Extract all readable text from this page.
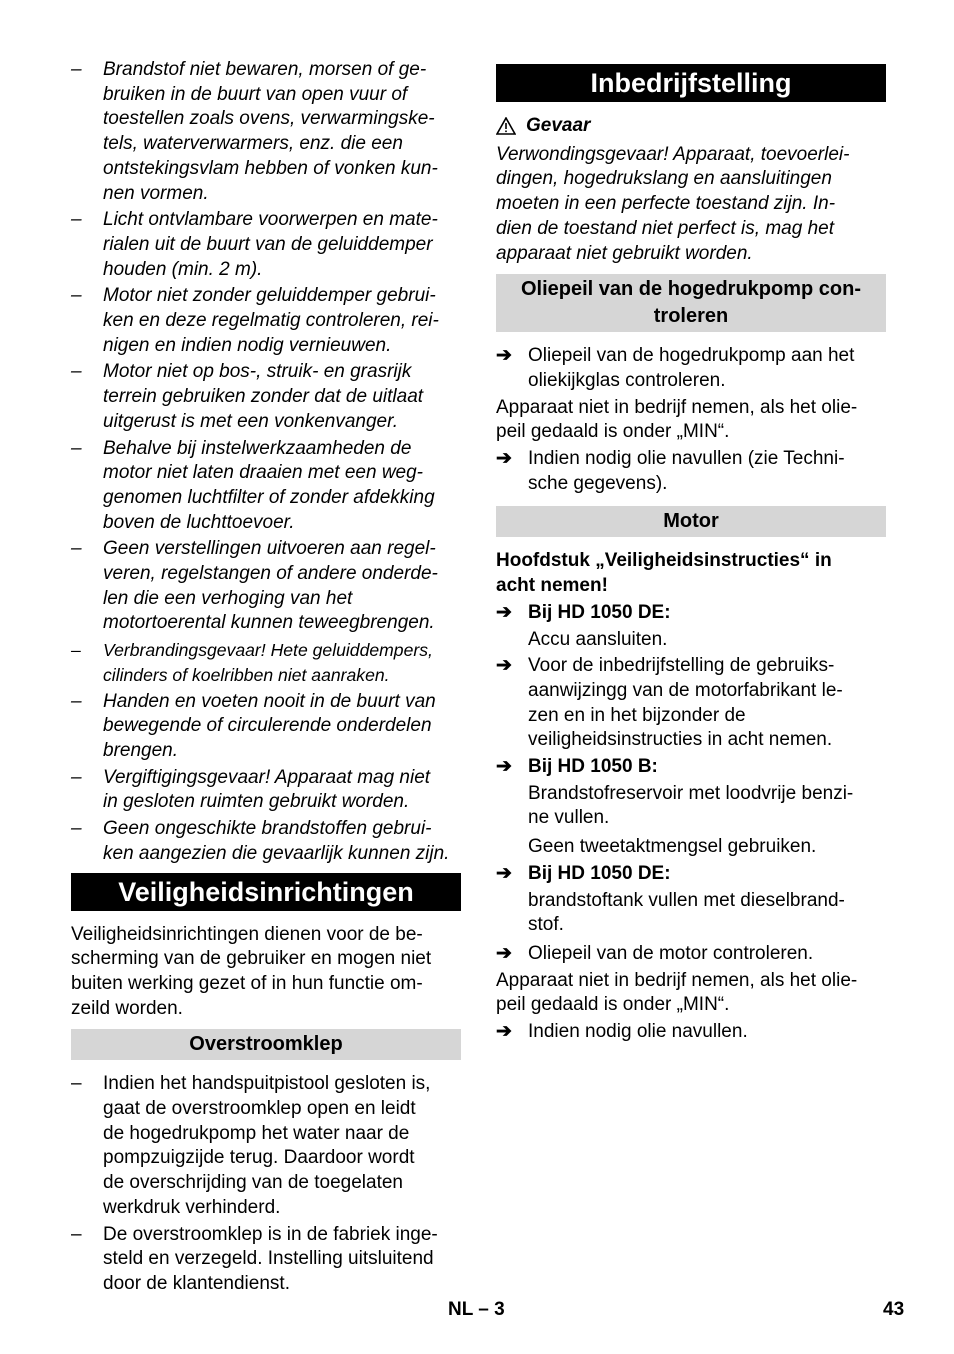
– Brandstof niet bewaren, morsen of ge-
bruiken in de buurt van open vuur of
toestellen zoals ovens, verwarmingske-
tels, waterverwarmers, enz. die een
ontstekingsvlam hebben of vonken kun-
nen vormen.
– Licht ontvlambare voorwerpen en mate-
rialen uit de buurt van de geluiddemper
houden (min. 2 m).
– Motor niet zonder geluiddemper gebrui-
ken en deze regelmatig controleren, rei-
nigen en indien nodig vernieuwen.
– Motor niet op bos-, struik- en grasrijk
terrein gebruiken zonder dat de uitlaat
uitgerust is met een vonkenvanger.
– Behalve bij instelwerkzaamheden de
motor niet laten draaien met een weg-
genomen luchtfilter of zonder afdekking
boven de luchttoevoer.
– Geen verstellingen uitvoeren aan regel-
veren, regelstangen of andere onderde-
len die een verhoging van het
motortoerental kunnen teweegbrengen.
– Verbrandingsgevaar! Hete geluiddempers,
cilinders of koelribben niet aanraken.
– Handen en voeten nooit in de buurt van
bewegende of circulerende onderdelen
brengen.
– Vergiftigingsgevaar! Apparaat mag niet
in gesloten ruimten gebruikt worden.
– Geen ongeschikte brandstoffen gebrui-
ken aangezien die gevaarlijk kunnen zijn.
Veiligheidsinrichtingen
Veiligheidsinrichtingen dienen voor de be-
scherming van de gebruiker en mogen niet
buiten werking gezet of in hun functie om-
zeild worden.
Overstroomklep
– Indien het handspuitpistool gesloten is,
gaat de overstroomklep open en leidt
de hogedrukpomp het water naar de
pompzuigzijde terug. Daardoor wordt
de overschrijding van de toegelaten
werkdruk verhinderd.
– De overstroomklep is in de fabriek inge-
steld en verzegeld. Instelling uitsluitend
door de klantendienst.
Inbedrijfstelling
Gevaar
Verwondingsgevaar! Apparaat, toevoerlei-
dingen, hogedrukslang en aansluitingen
moeten in een perfecte toestand zijn. In-
dien de toestand niet perfect is, mag het
apparaat niet gebruikt worden.
Oliepeil van de hogedrukpomp con-
troleren
➔ Oliepeil van de hogedrukpomp aan het
oliekijkglas controleren.
Apparaat niet in bedrijf nemen, als het olie-
peil gedaald is onder „MIN“.
➔ Indien nodig olie navullen (zie Techni-
sche gegevens).
Motor
Hoofdstuk „Veiligheidsinstructies“ in
acht nemen!
➔ Bij HD 1050 DE:
Accu aansluiten.
➔ Voor de inbedrijfstelling de gebruiks-
aanwijzingg van de motorfabrikant le-
zen en in het bijzonder de
veiligheidsinstructies in acht nemen.
➔ Bij HD 1050 B:
Brandstofreservoir met loodvrije benzi-
ne vullen.
Geen tweetaktmengsel gebruiken.
➔ Bij HD 1050 DE:
brandstoftank vullen met dieselbrand-
stof.
➔ Oliepeil van de motor controleren.
Apparaat niet in bedrijf nemen, als het olie-
peil gedaald is onder „MIN“.
➔ Indien nodig olie navullen.
NL – 3	43
